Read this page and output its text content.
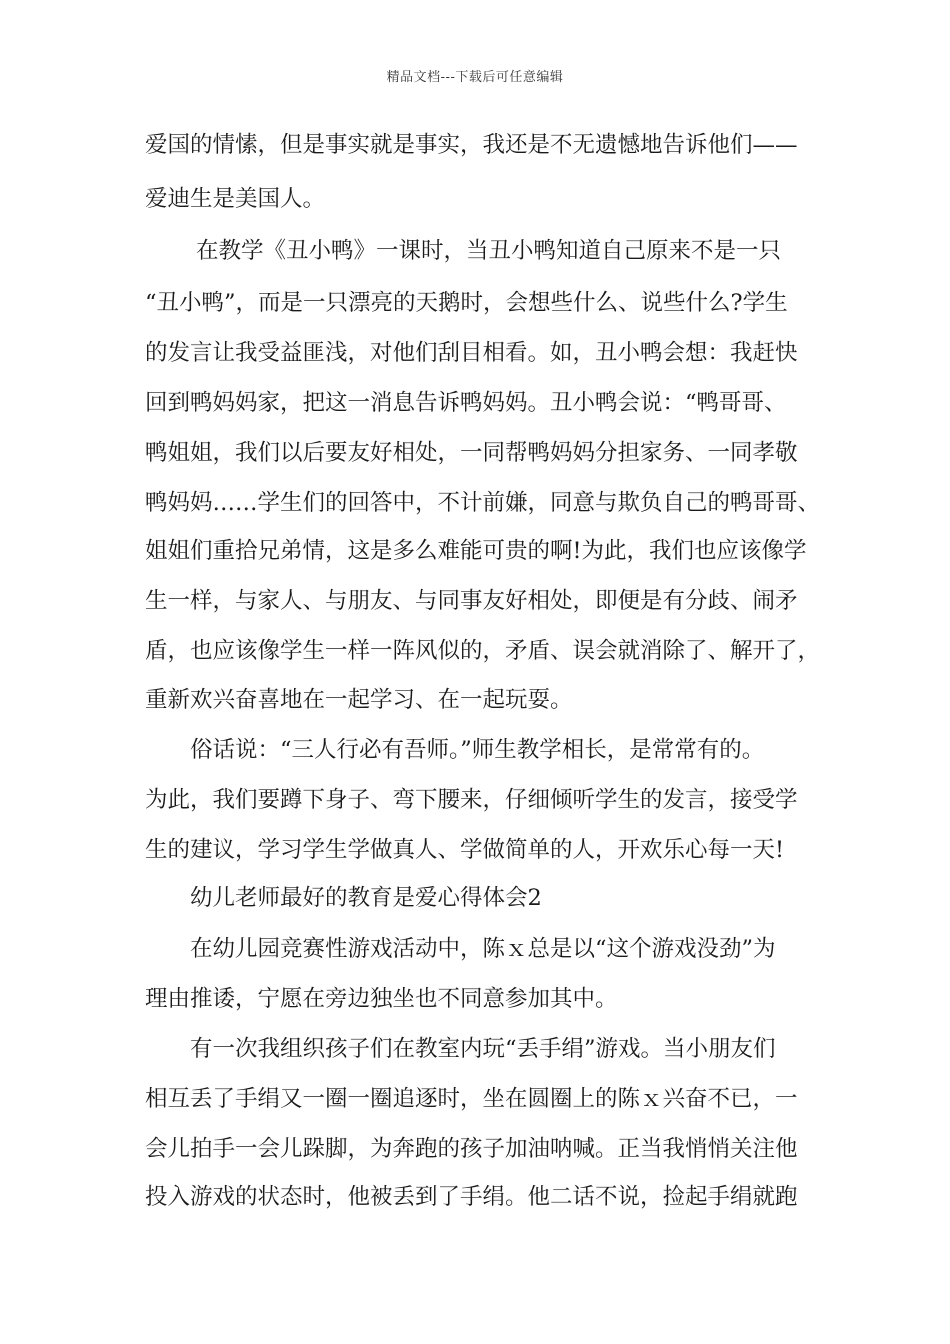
精品文档---下载后可任意编辑
爱国的情愫，但是事实就是事实，我还是不无遗憾地告诉他们——
爱迪生是美国人。
在教学《丑小鸭》一课时，当丑小鸭知道自己原来不是一只
“丑小鸭”，而是一只漂亮的天鹅时，会想些什么、说些什么?学生
的发言让我受益匪浅，对他们刮目相看。如，丑小鸭会想：我赶快
回到鸭妈妈家，把这一消息告诉鸭妈妈。丑小鸭会说：“鸭哥哥、
鸭姐姐，我们以后要友好相处，一同帮鸭妈妈分担家务、一同孝敬
鸭妈妈……学生们的回答中，不计前嫌，同意与欺负自己的鸭哥哥、
姐姐们重拾兄弟情，这是多么难能可贵的啊!为此，我们也应该像学
生一样，与家人、与朋友、与同事友好相处，即便是有分歧、闹矛
盾，也应该像学生一样一阵风似的，矛盾、误会就消除了、解开了，
重新欢兴奋喜地在一起学习、在一起玩耍。
俗话说：“三人行必有吾师。”师生教学相长，是常常有的。
为此，我们要蹲下身子、弯下腰来，仔细倾听学生的发言，接受学
生的建议，学习学生学做真人、学做简单的人，开欢乐心每一天!
幼儿老师最好的教育是爱心得体会2
在幼儿园竞赛性游戏活动中，陈ｘ总是以“这个游戏没劲”为
理由推诿，宁愿在旁边独坐也不同意参加其中。
有一次我组织孩子们在教室内玩“丢手绢”游戏。当小朋友们
相互丢了手绢又一圈一圈追逐时，坐在圆圈上的陈ｘ兴奋不已，一
会儿拍手一会儿跺脚，为奔跑的孩子加油呐喊。正当我悄悄关注他
投入游戏的状态时，他被丢到了手绢。他二话不说，捡起手绢就跑
